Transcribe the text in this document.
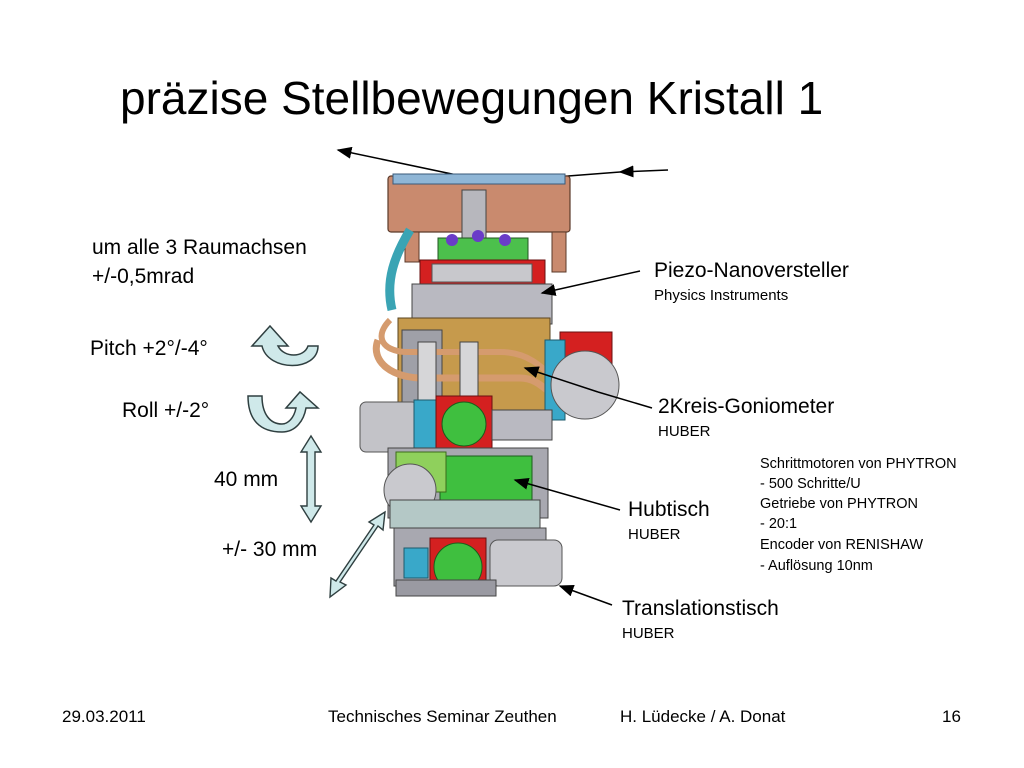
präzise Stellbewegungen Kristall 1
um alle 3 Raumachsen
+/-0,5mrad
Pitch +2°/-4°
Roll +/-2°
40 mm
+/- 30 mm
Piezo-Nanoversteller
Physics Instruments
2Kreis-Goniometer
HUBER
Hubtisch
HUBER
Translationstisch
HUBER
Schrittmotoren von PHYTRON
- 500 Schritte/U
Getriebe von PHYTRON
- 20:1
Encoder von RENISHAW
- Auflösung 10nm
29.03.2011	Technisches Seminar Zeuthen	H. Lüdecke / A. Donat	16
